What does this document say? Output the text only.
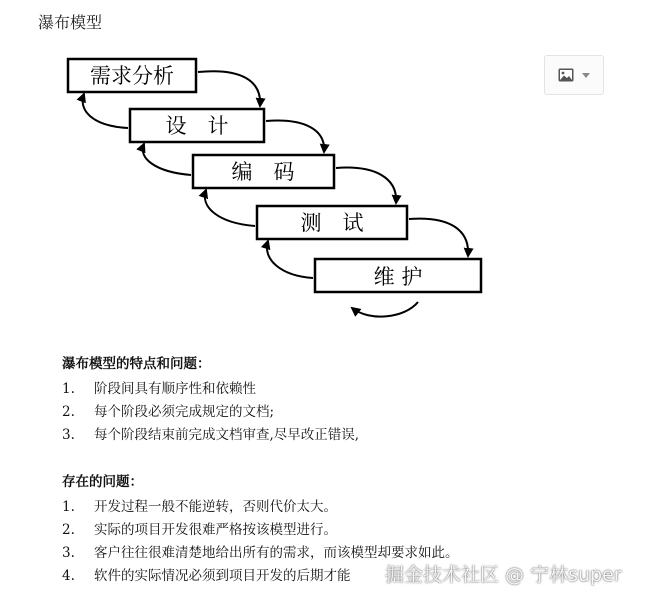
瀑布模型
需求分析
设　计
编　码
测　试
维 护
瀑布模型的特点和问题：
1.	阶段间具有顺序性和依赖性
2.	每个阶段必须完成规定的文档;
3.	每个阶段结束前完成文档审查,尽早改正错误,
存在的问题：
1.	开发过程一般不能逆转，否则代价太大。
2.	实际的项目开发很难严格按该模型进行。
3.	客户往往很难清楚地给出所有的需求，而该模型却要求如此。
4.	软件的实际情况必须到项目开发的后期才能 掘金技术社区 @ 宁林super
